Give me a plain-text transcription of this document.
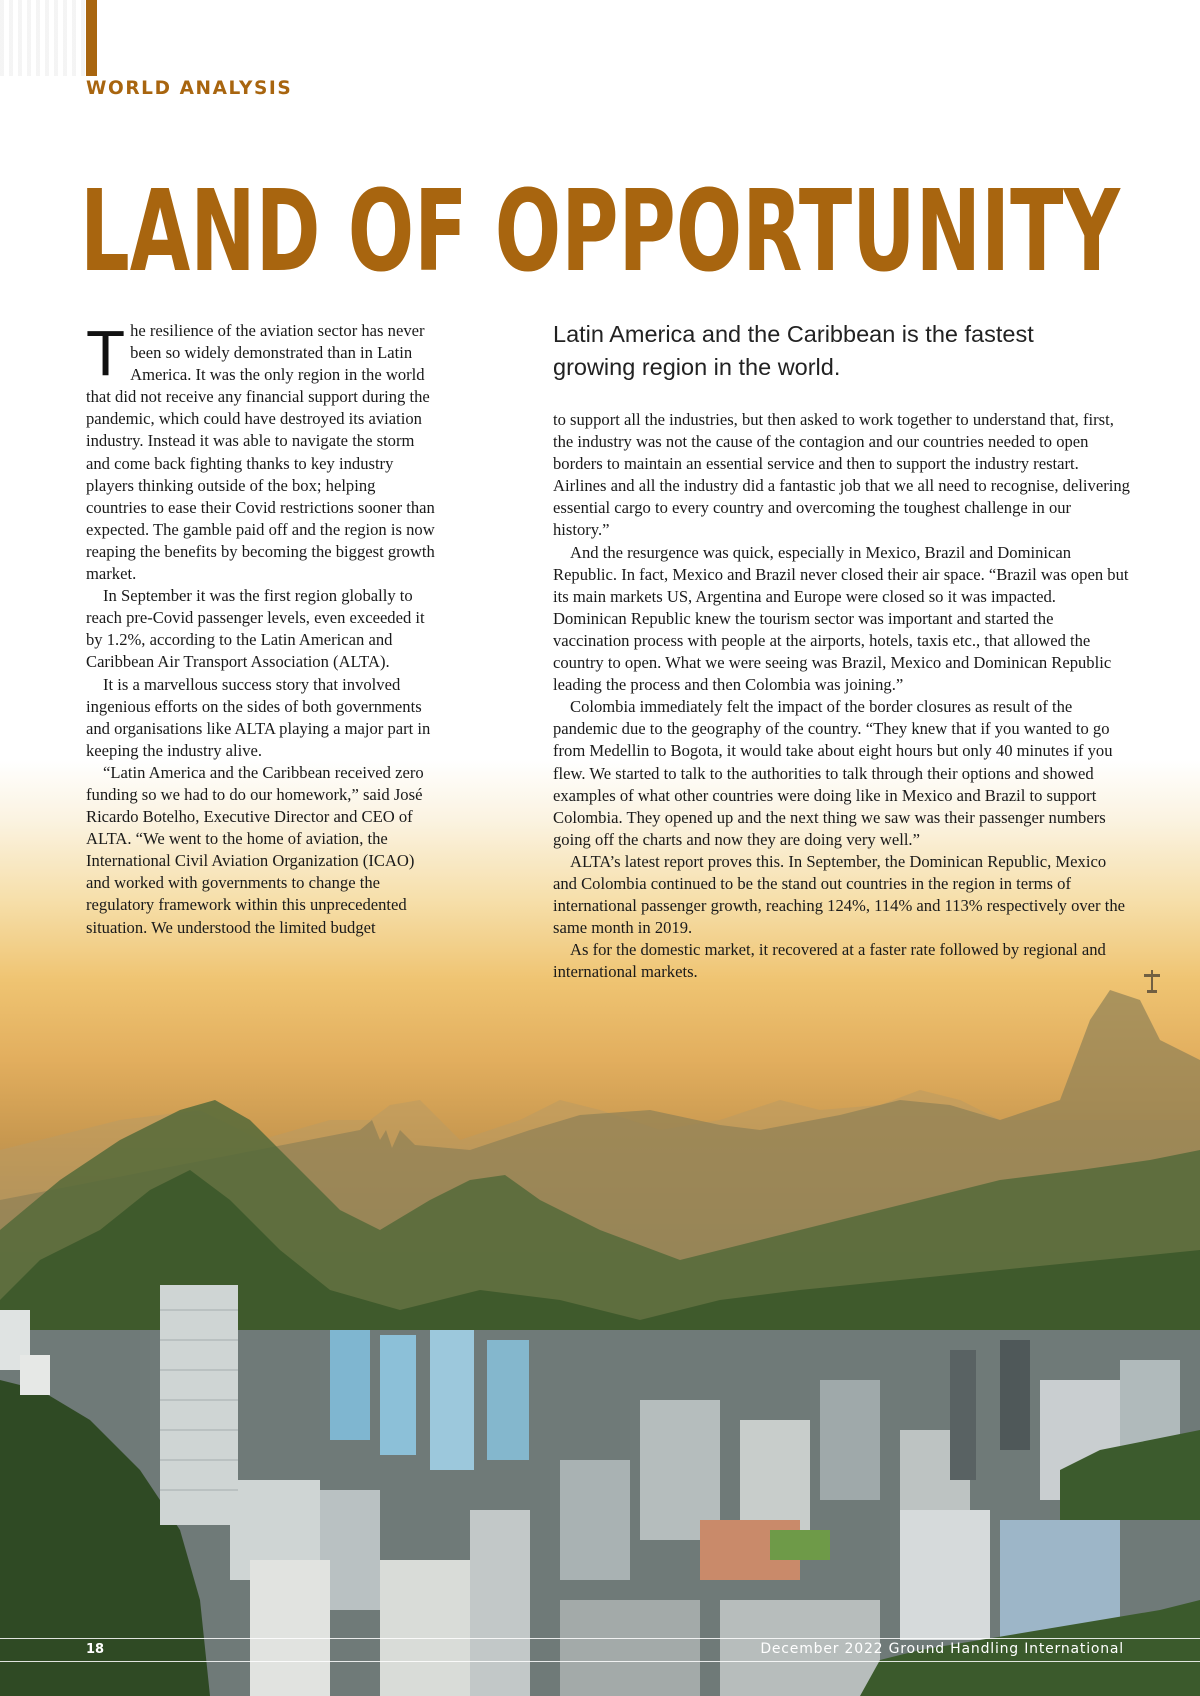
WORLD ANALYSIS
LAND OF OPPORTUNITY

The resilience of the aviation sector has never been so widely demonstrated than in Latin America. It was the only region in the world that did not receive any financial support during the pandemic, which could have destroyed its aviation industry. Instead it was able to navigate the storm and come back fighting thanks to key industry players thinking outside of the box; helping countries to ease their Covid restrictions sooner than expected. The gamble paid off and the region is now reaping the benefits by becoming the biggest growth market.

In September it was the first region globally to reach pre-Covid passenger levels, even exceeded it by 1.2%, according to the Latin American and Caribbean Air Transport Association (ALTA).

It is a marvellous success story that involved ingenious efforts on the sides of both governments and organisations like ALTA playing a major part in keeping the industry alive.

“Latin America and the Caribbean received zero funding so we had to do our homework,” said José Ricardo Botelho, Executive Director and CEO of ALTA. “We went to the home of aviation, the International Civil Aviation Organization (ICAO) and worked with governments to change the regulatory framework within this unprecedented situation. We understood the limited budget

Latin America and the Caribbean is the fastest growing region in the world.

to support all the industries, but then asked to work together to understand that, first, the industry was not the cause of the contagion and our countries needed to open borders to maintain an essential service and then to support the industry restart. Airlines and all the industry did a fantastic job that we all need to recognise, delivering essential cargo to every country and overcoming the toughest challenge in our history.”

And the resurgence was quick, especially in Mexico, Brazil and Dominican Republic. In fact, Mexico and Brazil never closed their air space. “Brazil was open but its main markets US, Argentina and Europe were closed so it was impacted. Dominican Republic knew the tourism sector was important and started the vaccination process with people at the airports, hotels, taxis etc., that allowed the country to open. What we were seeing was Brazil, Mexico and Dominican Republic leading the process and then Colombia was joining.”

Colombia immediately felt the impact of the border closures as result of the pandemic due to the geography of the country. “They knew that if you wanted to go from Medellin to Bogota, it would take about eight hours but only 40 minutes if you flew. We started to talk to the authorities to talk through their options and showed examples of what other countries were doing like in Mexico and Brazil to support Colombia. They opened up and the next thing we saw was their passenger numbers going off the charts and now they are doing very well.”

ALTA’s latest report proves this. In September, the Dominican Republic, Mexico and Colombia continued to be the stand out countries in the region in terms of international passenger growth, reaching 124%, 114% and 113% respectively over the same month in 2019.

As for the domestic market, it recovered at a faster rate followed by regional and international markets.

18	December 2022 Ground Handling International
